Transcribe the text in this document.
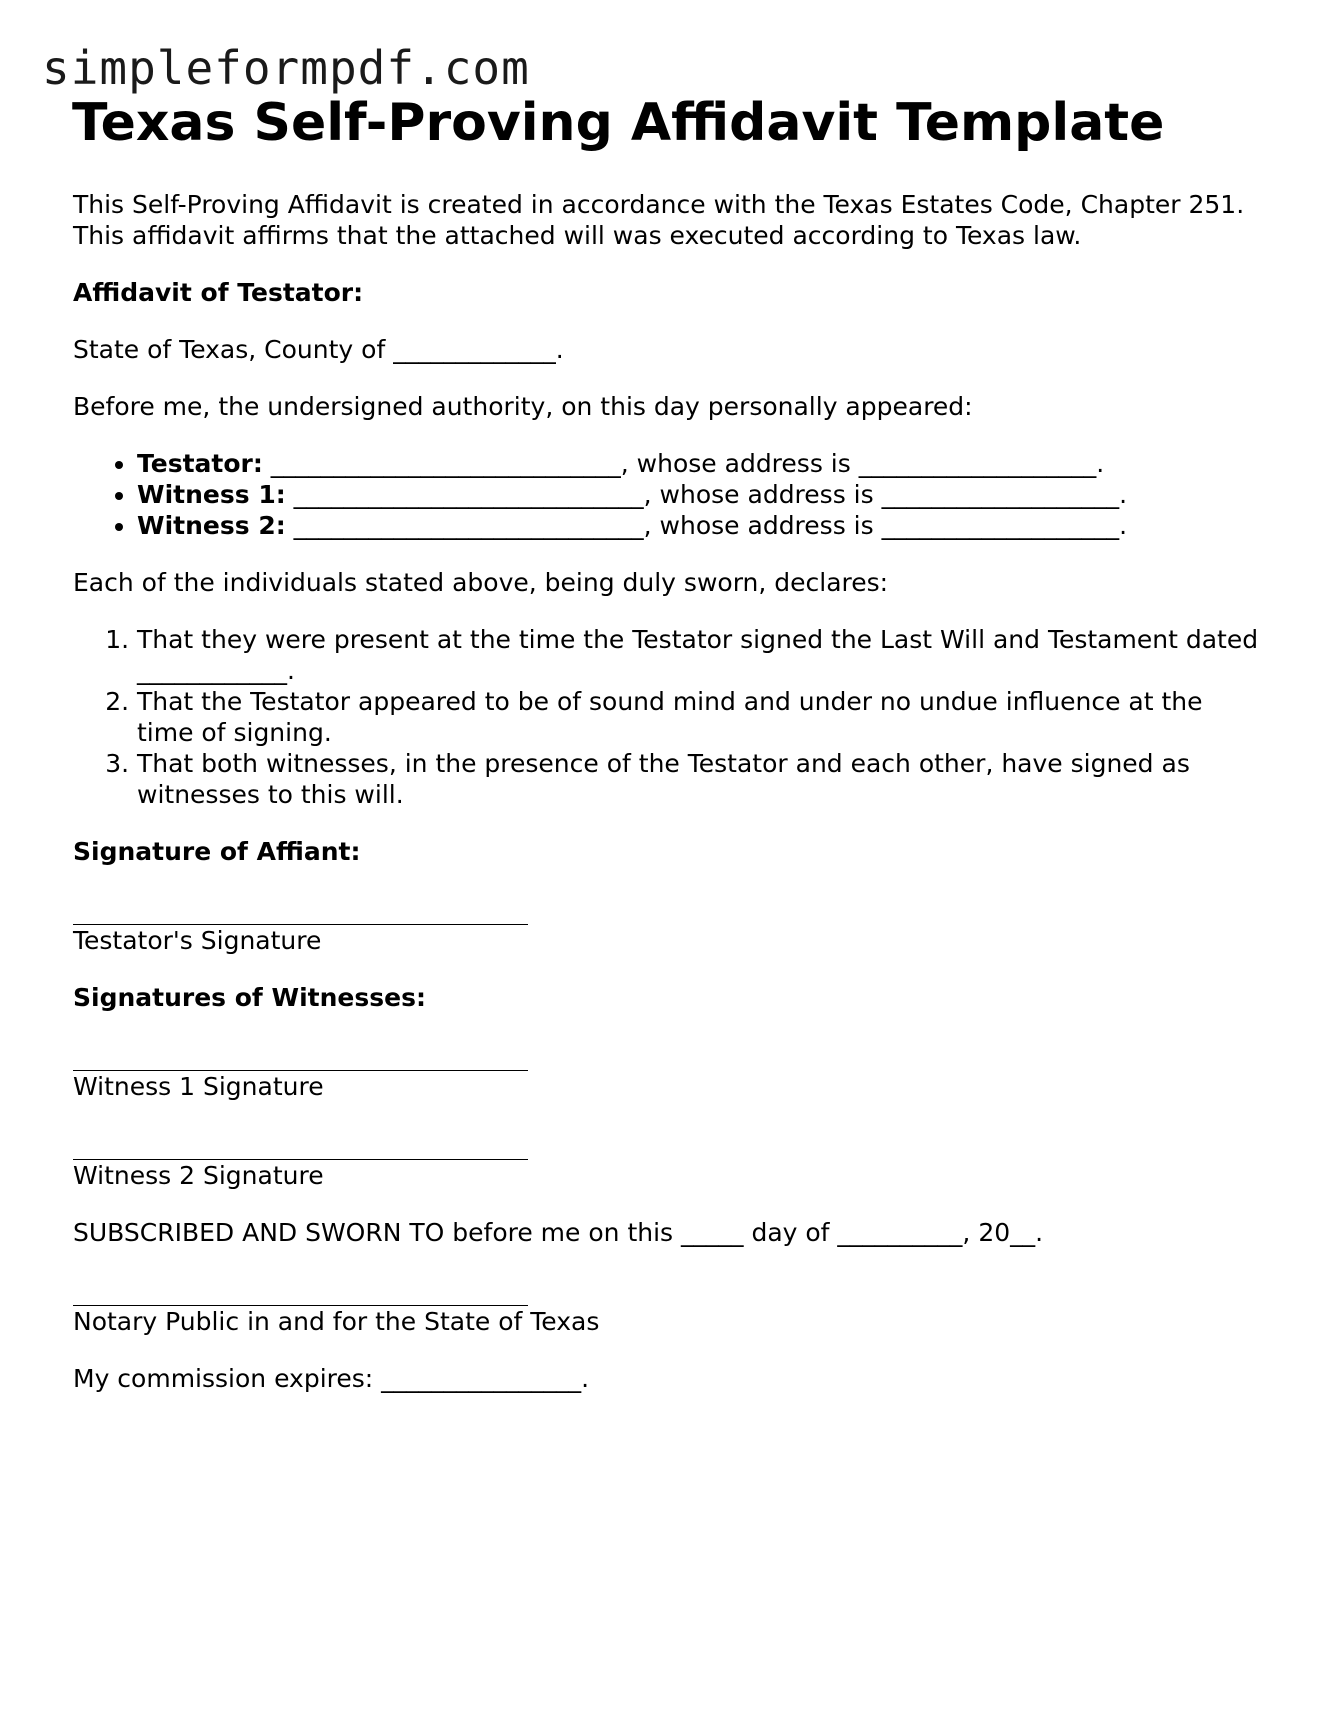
simpleformpdf.com
Texas Self-Proving Affidavit Template

This Self-Proving Affidavit is created in accordance with the Texas Estates Code, Chapter 251. This affidavit affirms that the attached will was executed according to Texas law.

Affidavit of Testator:

State of Texas, County of _____________.

Before me, the undersigned authority, on this day personally appeared:

• Testator: ____________________________, whose address is ___________________.
• Witness 1: ____________________________, whose address is ___________________.
• Witness 2: ____________________________, whose address is ___________________.

Each of the individuals stated above, being duly sworn, declares:

1. That they were present at the time the Testator signed the Last Will and Testament dated ____________.
2. That the Testator appeared to be of sound mind and under no undue influence at the time of signing.
3. That both witnesses, in the presence of the Testator and each other, have signed as witnesses to this will.

Signature of Affiant:

Testator's Signature

Signatures of Witnesses:

Witness 1 Signature
Witness 2 Signature

SUBSCRIBED AND SWORN TO before me on this _____ day of __________, 20__.

Notary Public in and for the State of Texas

My commission expires: ________________.
